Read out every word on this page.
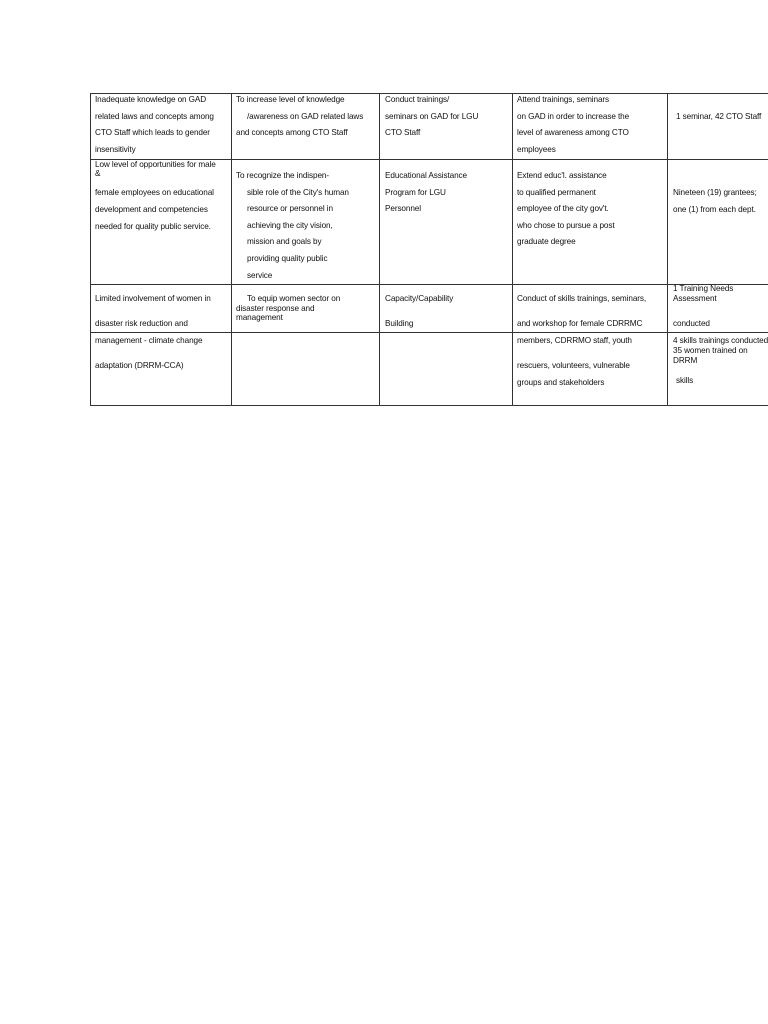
Inadequate knowledge on GAD
related laws and concepts among
CTO Staff which leads to gender
insensitivity
To increase level of knowledge
/awareness on GAD related laws
and concepts among CTO Staff
Conduct trainings/
seminars on GAD for LGU
CTO Staff
Attend trainings, seminars
on GAD in order to increase the
level of awareness among CTO
employees
1 seminar, 42 CTO Staff
Low level of opportunities for male
&
female employees on educational
development and competencies
needed for quality public service.
To recognize the indispen-
sible role of the City's human
resource or personnel in
achieving the city vision,
mission and goals by
providing quality public
service
Educational Assistance
Program for LGU
Personnel
Extend educ'l. assistance
to qualified permanent
employee of the city gov't.
who chose to pursue a post
graduate degree
Nineteen (19) grantees;
one (1) from each dept.
Limited involvement of women in
disaster risk reduction and
To equip women sector on
disaster response and
management
Capacity/Capability
Building
Conduct of skills trainings, seminars,
and workshop for female CDRRMC
1 Training Needs
Assessment
conducted
management - climate change
adaptation (DRRM-CCA)
members, CDRRMO staff, youth
rescuers, volunteers, vulnerable
groups and stakeholders
4 skills trainings conducted
35 women trained on
DRRM
skills
